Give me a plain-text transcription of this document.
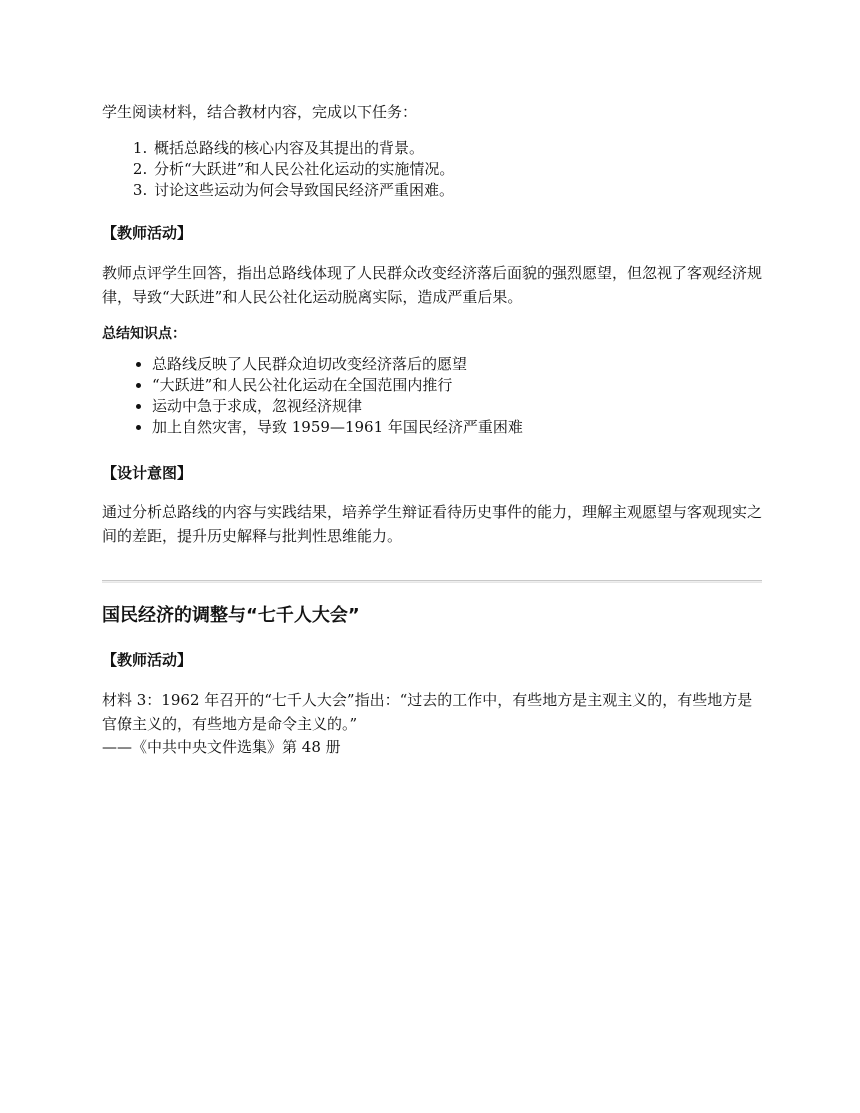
学生阅读材料，结合教材内容，完成以下任务：

1. 概括总路线的核心内容及其提出的背景。
2. 分析“大跃进”和人民公社化运动的实施情况。
3. 讨论这些运动为何会导致国民经济严重困难。

【教师活动】

教师点评学生回答，指出总路线体现了人民群众改变经济落后面貌的强烈愿望，但忽视了客观经济规律，导致“大跃进”和人民公社化运动脱离实际，造成严重后果。

总结知识点：

• 总路线反映了人民群众迫切改变经济落后的愿望
• “大跃进”和人民公社化运动在全国范围内推行
• 运动中急于求成，忽视经济规律
• 加上自然灾害，导致 1959—1961 年国民经济严重困难

【设计意图】

通过分析总路线的内容与实践结果，培养学生辩证看待历史事件的能力，理解主观愿望与客观现实之间的差距，提升历史解释与批判性思维能力。

国民经济的调整与“七千人大会”

【教师活动】

材料 3：1962 年召开的“七千人大会”指出：“过去的工作中，有些地方是主观主义的，有些地方是官僚主义的，有些地方是命令主义的。”

——《中共中央文件选集》第 48 册
